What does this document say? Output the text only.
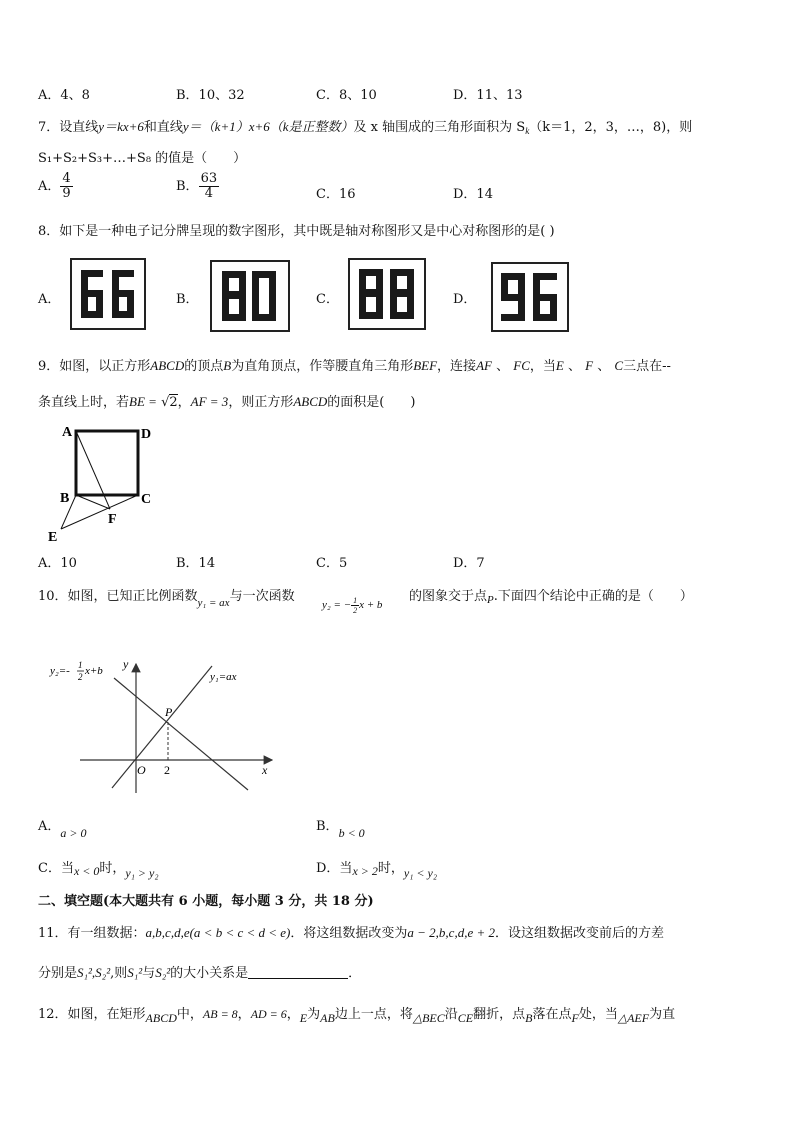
A．4、8	B．10、32	C．8、10	D．11、13
7．设直线y＝kx+6和直线y＝（k+1）x+6（k是正整数）及 x 轴围成的三角形面积为 $S_k(k=1$，2，3，…，8)，则
S₁+S₂+S₃+…+S₈ 的值是（　　）
A． $\frac{4}{9}$	B． $\frac{63}{4}$	C．16	D．14
8．如下是一种电子记分牌呈现的数字图形，其中既是轴对称图形又是中心对称图形的是( )
A．	B．	C．	D．
9．如图，以正方形ABCD的顶点B为直角顶点，作等腰直角三角形BEF，连接AF 、 FC，当E 、 F 、 C三点在--
条直线上时，若BE = √2，AF = 3，则正方形ABCD的面积是(　　)
A	D
B	C
E
F
A．10	B．14	C．5	D．7
10．如图，已知正比例函数$_{y_1 = ax}$与一次函数
y₂ = − $\frac{1}{2}$ x + b
的图象交于点$_P$.下面四个结论中正确的是（　　）
y₂=- 1
2 x+b	y₁=ax
y
x
O
P
2
A．a > 0	B．b < 0
C．当x < 0时，y₁ > y₂	D．当x > 2时，y₁ < y₂
二、填空题(本大题共有 6 小题，每小题 3 分，共 18 分)
11．有一组数据：a,b,c,d,e(a < b < c < d < e)．将这组数据改变为a − 2,b,c,d,e + 2．设这组数据改变前后的方差
分别是S₁²,S₂²,则S₁²与S₂²的大小关系是	．
12．如图，在矩形ABCD中，AB = 8，AD = 6，E为AB边上一点，将△BEC沿CE翻折，点B落在点F处，当△AEF为直
